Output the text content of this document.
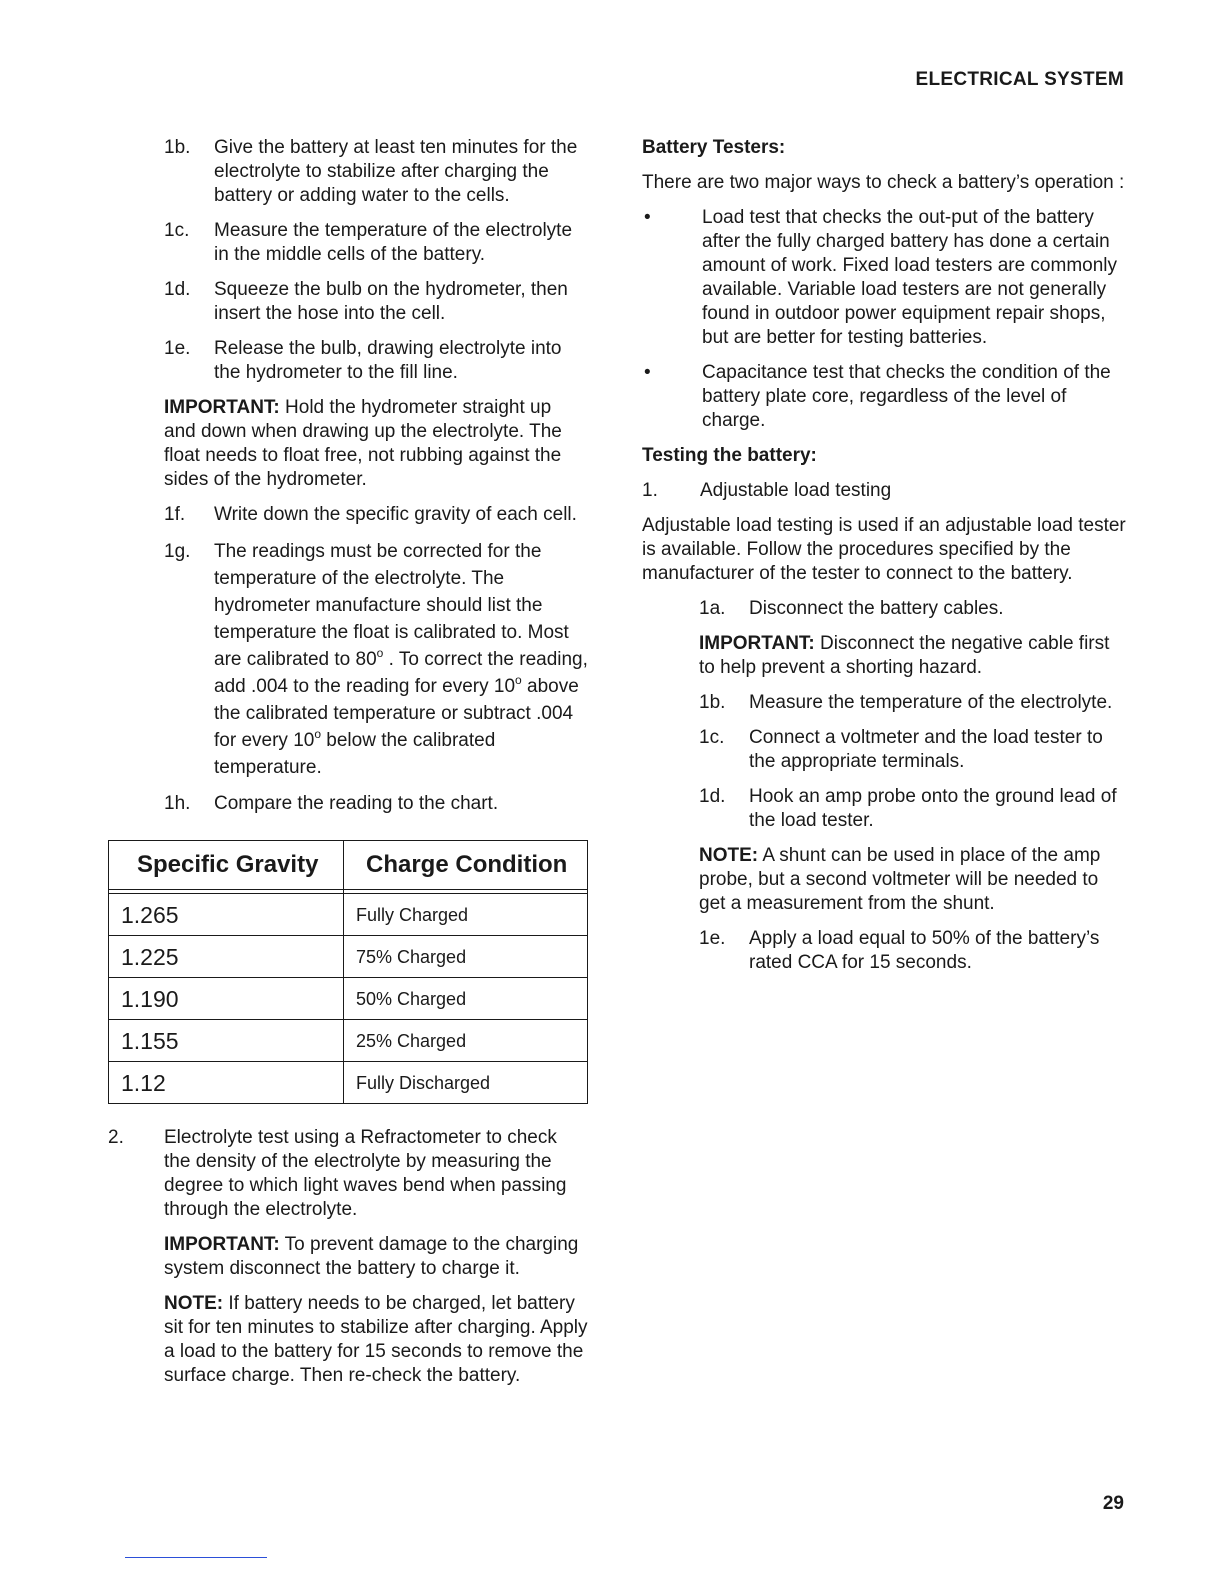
ELECTRICAL SYSTEM
1b.	Give the battery at least ten minutes for the electrolyte to stabilize after charging the battery or adding water to the cells.
1c.	Measure the temperature of the electrolyte in the middle cells of the battery.
1d.	Squeeze the bulb on the hydrometer, then insert the hose into the cell.
1e.	Release the bulb, drawing electrolyte into the hydrometer to the fill line.

IMPORTANT: Hold the hydrometer straight up and down when drawing up the electrolyte. The float needs to float free, not rubbing against the sides of the hydrometer.

1f.	Write down the specific gravity of each cell.
1g.	The readings must be corrected for the temperature of the electrolyte. The hydrometer manufacture should list the temperature the float is calibrated to. Most are calibrated to 80$^o$ . To correct the reading, add .004 to the reading for every 10$^o$ above the calibrated temperature or subtract .004 for every 10$^o$ below the calibrated temperature.
1h.	Compare the reading to the chart.
Specific Gravity	Charge Condition

1.265	Fully Charged
1.225	75% Charged
1.190	50% Charged
1.155	25% Charged
1.12	Fully Discharged
2.	Electrolyte test using a Refractometer to check the density of the electrolyte by measuring the degree to which light waves bend when passing through the electrolyte.

IMPORTANT: To prevent damage to the charging system disconnect the battery to charge it.

NOTE: If battery needs to be charged, let battery sit for ten minutes to stabilize after charging. Apply a load to the battery for 15 seconds to remove the surface charge. Then re-check the battery.

Battery Testers:

There are two major ways to check a battery’s operation :

•	Load test that checks the out-put of the battery after the fully charged battery has done a certain amount of work. Fixed load testers are commonly available. Variable load testers are not generally found in outdoor power equipment repair shops, but are better for testing batteries.
•	Capacitance test that checks the condition of the battery plate core, regardless of the level of charge.

Testing the battery:

1.	Adjustable load testing

Adjustable load testing is used if an adjustable load tester is available. Follow the procedures specified by the manufacturer of the tester to connect to the battery.

1a.	Disconnect the battery cables.

IMPORTANT: Disconnect the negative cable first to help prevent a shorting hazard.

1b.	Measure the temperature of the electrolyte.
1c.	Connect a voltmeter and the load tester to the appropriate terminals.
1d.	Hook an amp probe onto the ground lead of the load tester.

NOTE: A shunt can be used in place of the amp probe, but a second voltmeter will be needed to get a measurement from the shunt.

1e.	Apply a load equal to 50% of the battery’s rated CCA for 15 seconds.
29
